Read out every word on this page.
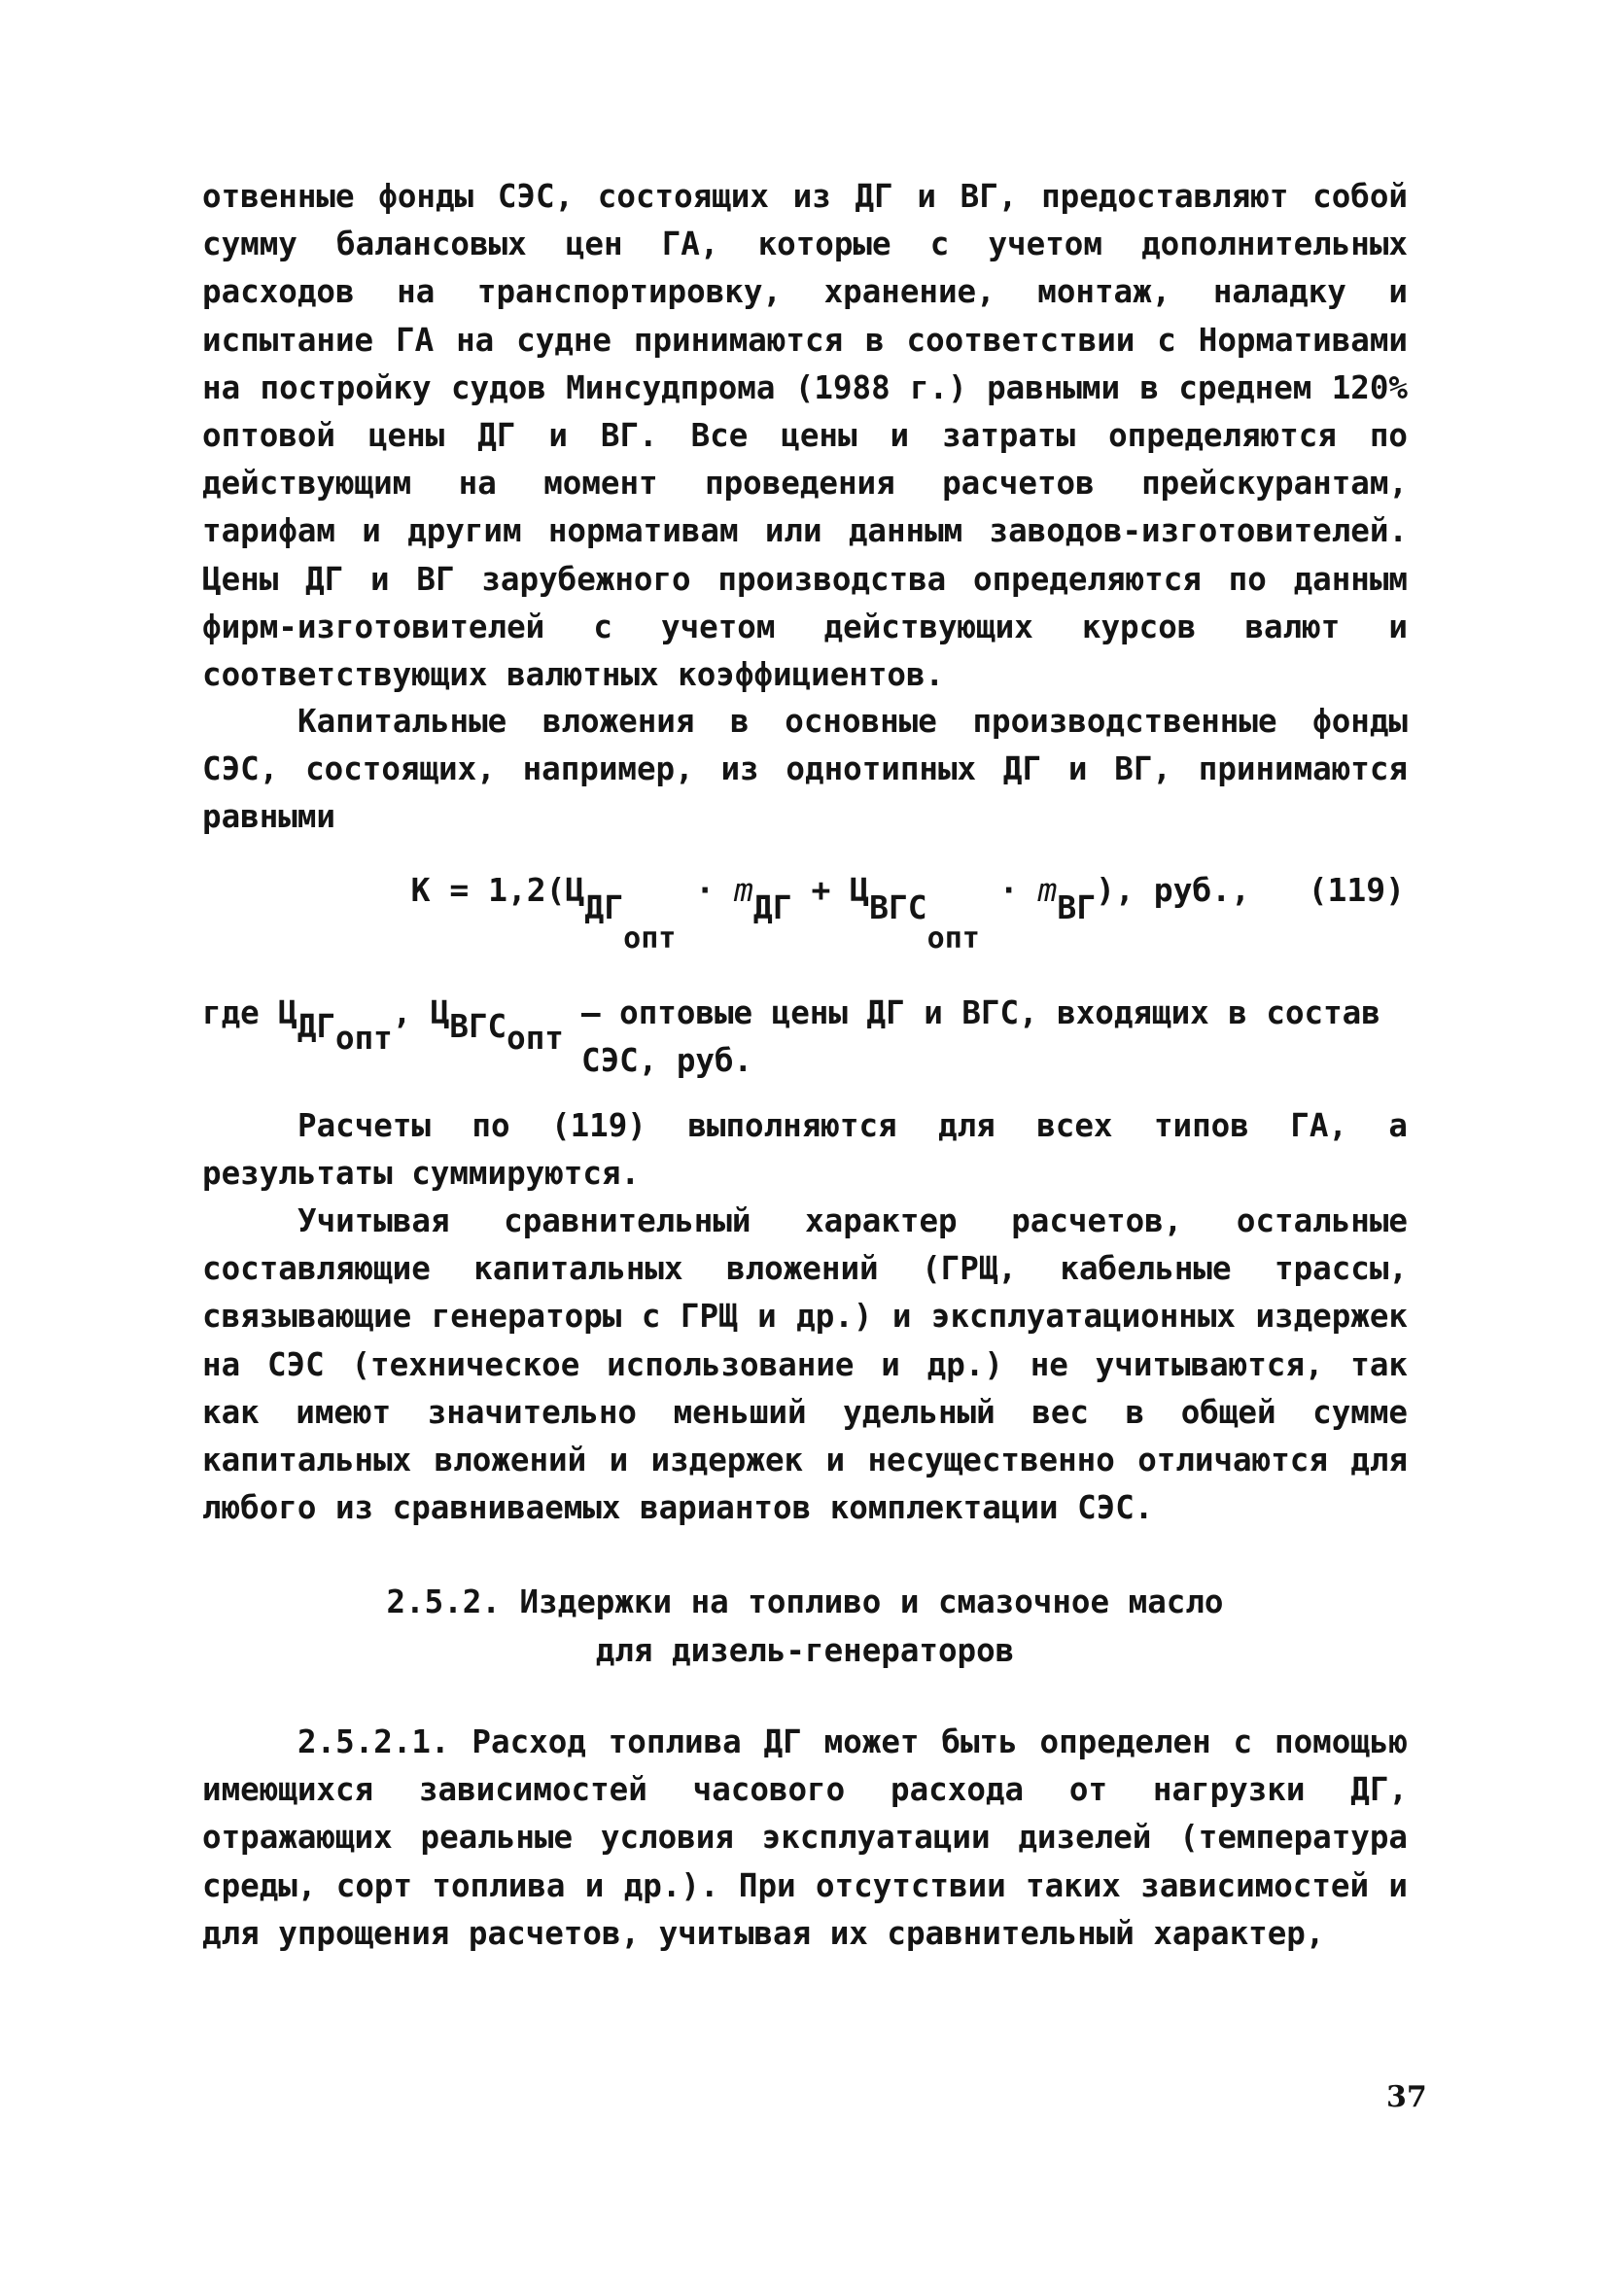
отвенные фонды СЭС, состоящих из ДГ и ВГ, предоставляют собой сумму балансовых цен ГА, которые с учетом дополнительных расходов на транспортировку, хранение, монтаж, наладку и испытание ГА на судне принимаются в соответствии с Нормативами на постройку судов Минсудпрома (1988 г.) равными в среднем 120% оптовой цены ДГ и ВГ. Все цены и затраты определяются по действующим на момент проведения расчетов прейскурантам, тарифам и другим нормативам или данным заводов-изготовителей. Цены ДГ и ВГ зарубежного производства определяются по данным фирм-изготовителей с учетом действующих курсов валют и соответствующих валютных коэффициентов.
Капитальные вложения в основные производственные фонды СЭС, состоящих, например, из однотипных ДГ и ВГ, принимаются равными
К = 1,2(ЦДГопт · mДГ + ЦВГСопт · mВГ), руб., (119)
где ЦДГопт, ЦВГСопт
– оптовые цены ДГ и ВГС, входящих в состав СЭС, руб.
Расчеты по (119) выполняются для всех типов ГА, а результаты суммируются.
Учитывая сравнительный характер расчетов, остальные составляющие капитальных вложений (ГРЩ, кабельные трассы, связывающие генераторы с ГРЩ и др.) и эксплуатационных издержек на СЭС (техническое использование и др.) не учитываются, так как имеют значительно меньший удельный вес в общей сумме капитальных вложений и издержек и несущественно отличаются для любого из сравниваемых вариантов комплектации СЭС.
2.5.2. Издержки на топливо и смазочное масло
для дизель-генераторов
2.5.2.1. Расход топлива ДГ может быть определен с помощью имеющихся зависимостей часового расхода от нагрузки ДГ, отражающих реальные условия эксплуатации дизелей (температура среды, сорт топлива и др.). При отсутствии таких зависимостей и для упрощения расчетов, учитывая их сравнительный характер,
37
